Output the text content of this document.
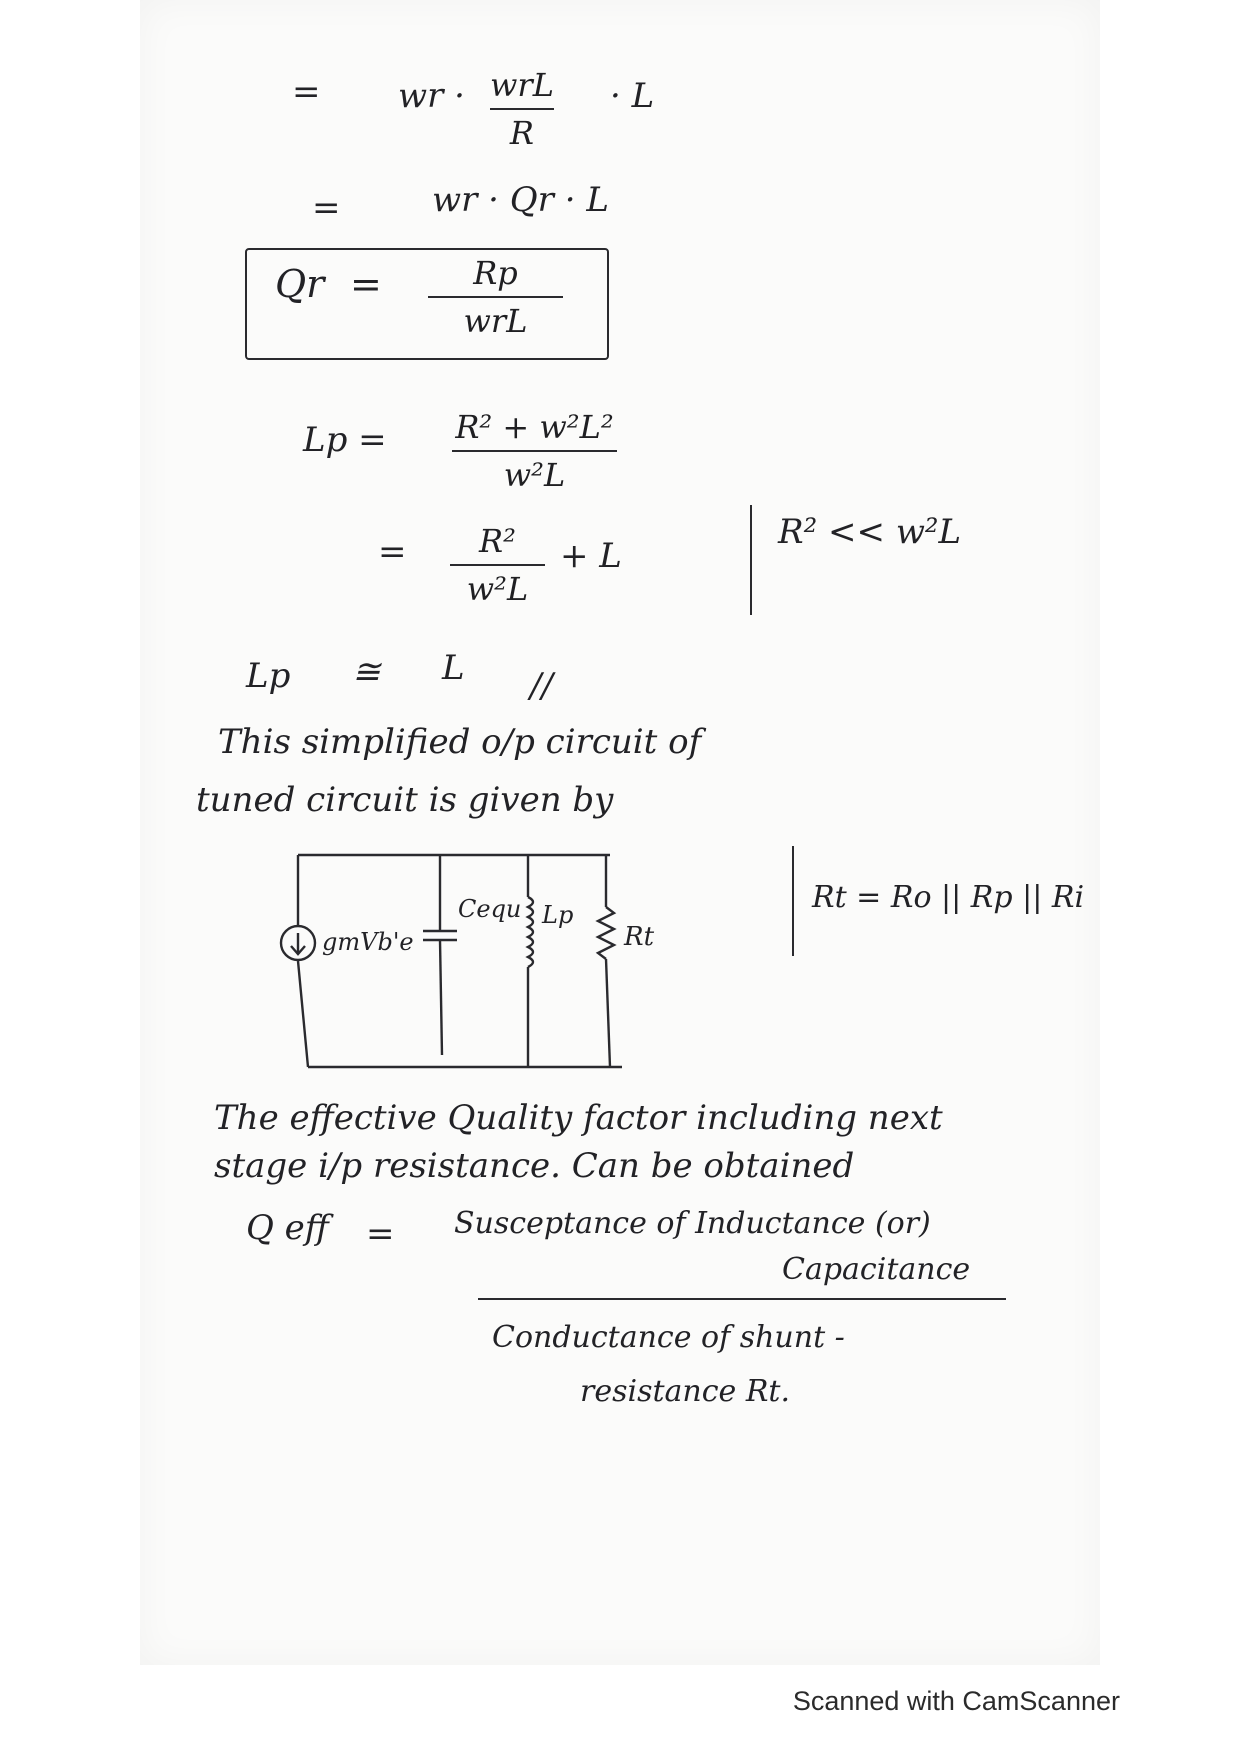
= wr · wrL
R
· L
=	wr · Qr · L
Qr =	Rp
wrL
Lp = R² + w²L²
w²L
= R²
w²L
+ L
R² << w²L
Lp ≅ L //
This simplified o/p circuit of
tuned circuit is given by
gmVb'e
Cequ Lp
Rt
Rt = Ro || Rp || Ri
The effective Quality factor including next
stage i/p resistance. Can be obtained
Q eff = Susceptance of Inductance (or)
Capacitance
Conductance of shunt -
resistance Rt.
Scanned with CamScanner
